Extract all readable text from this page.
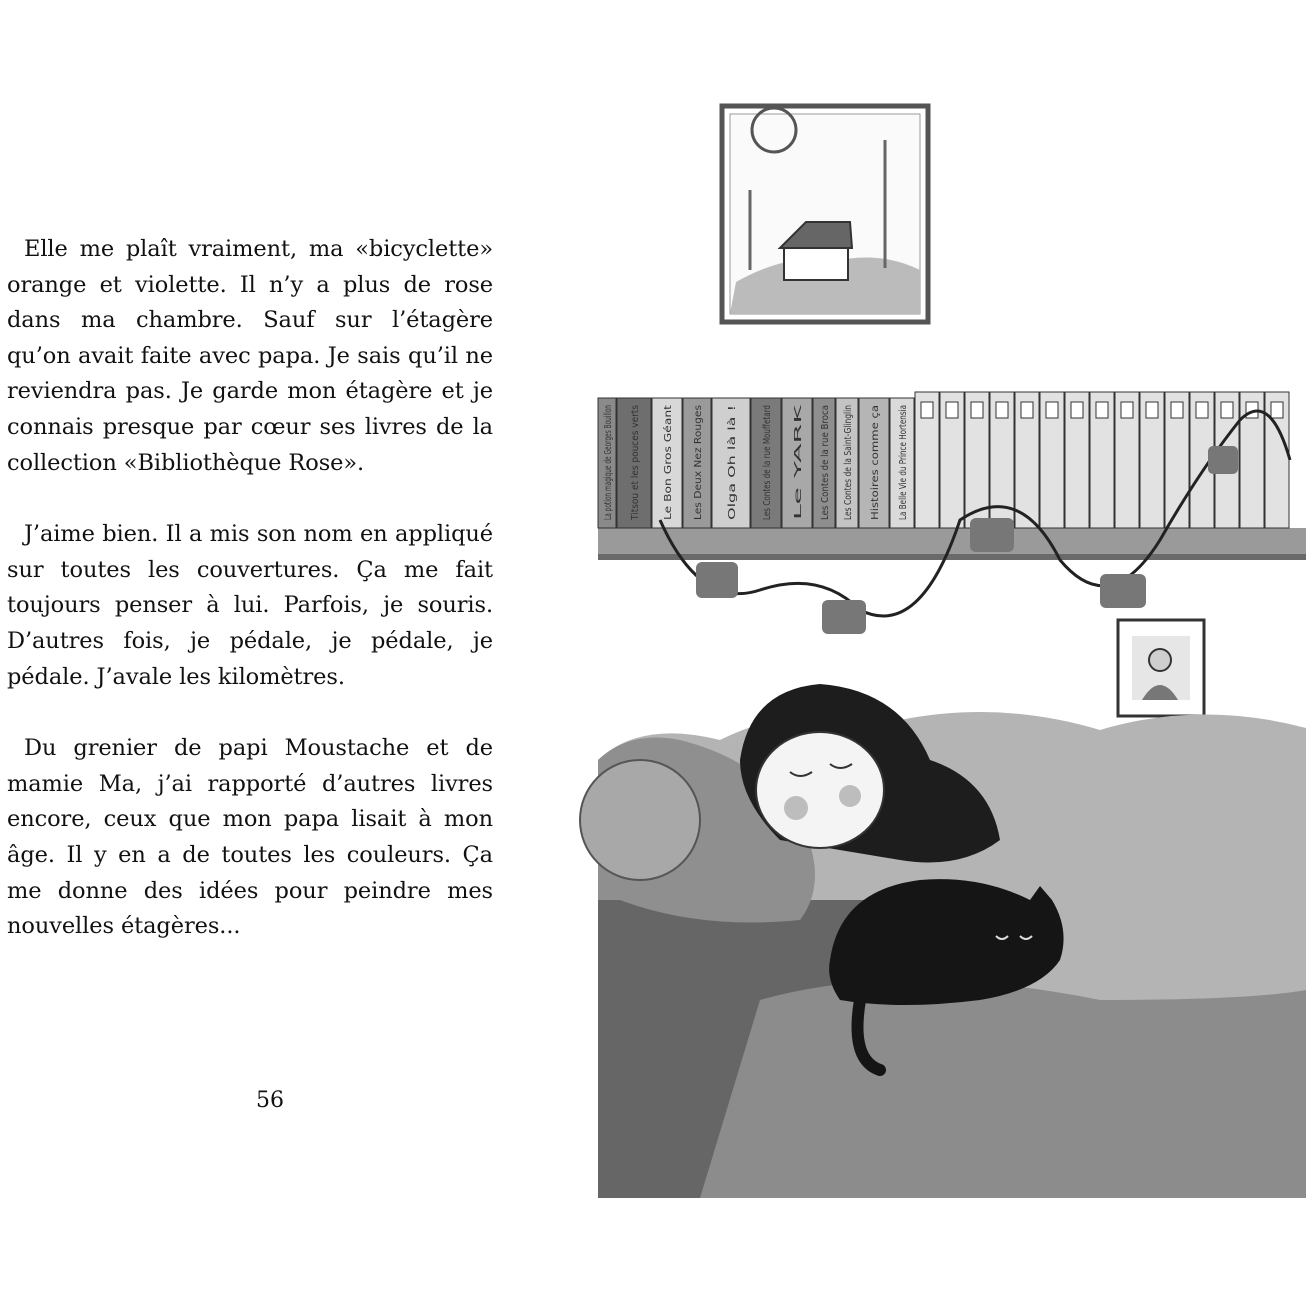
Elle me plaît vraiment, ma «bicyclette» orange et violette. Il n’y a plus de rose dans ma chambre. Sauf sur l’étagère qu’on avait faite avec papa. Je sais qu’il ne reviendra pas. Je garde mon étagère et je connais presque par cœur ses livres de la collection «Bibliothèque Rose».

J’aime bien. Il a mis son nom en appliqué sur toutes les couvertures. Ça me fait toujours penser à lui. Parfois, je souris. D’autres fois, je pédale, je pédale, je pédale. J’avale les kilomètres.

Du grenier de papi Moustache et de mamie Ma, j’ai rapporté d’autres livres encore, ceux que mon papa lisait à mon âge. Il y en a de toutes les couleurs. Ça me donne des idées pour peindre mes nouvelles étagères...

56
La potion magique de Georges Bouillon Titsou et les pouces verts Le Bon Gros Géant Les Deux Nez Rouges Olga Oh là là ! Les Contes de la rue Mouffetard Le YARK Les Contes de la rue Broca Les Contes de la Saint-Glinglin Histoires comme ça La Belle Vie du Prince Hortensia
